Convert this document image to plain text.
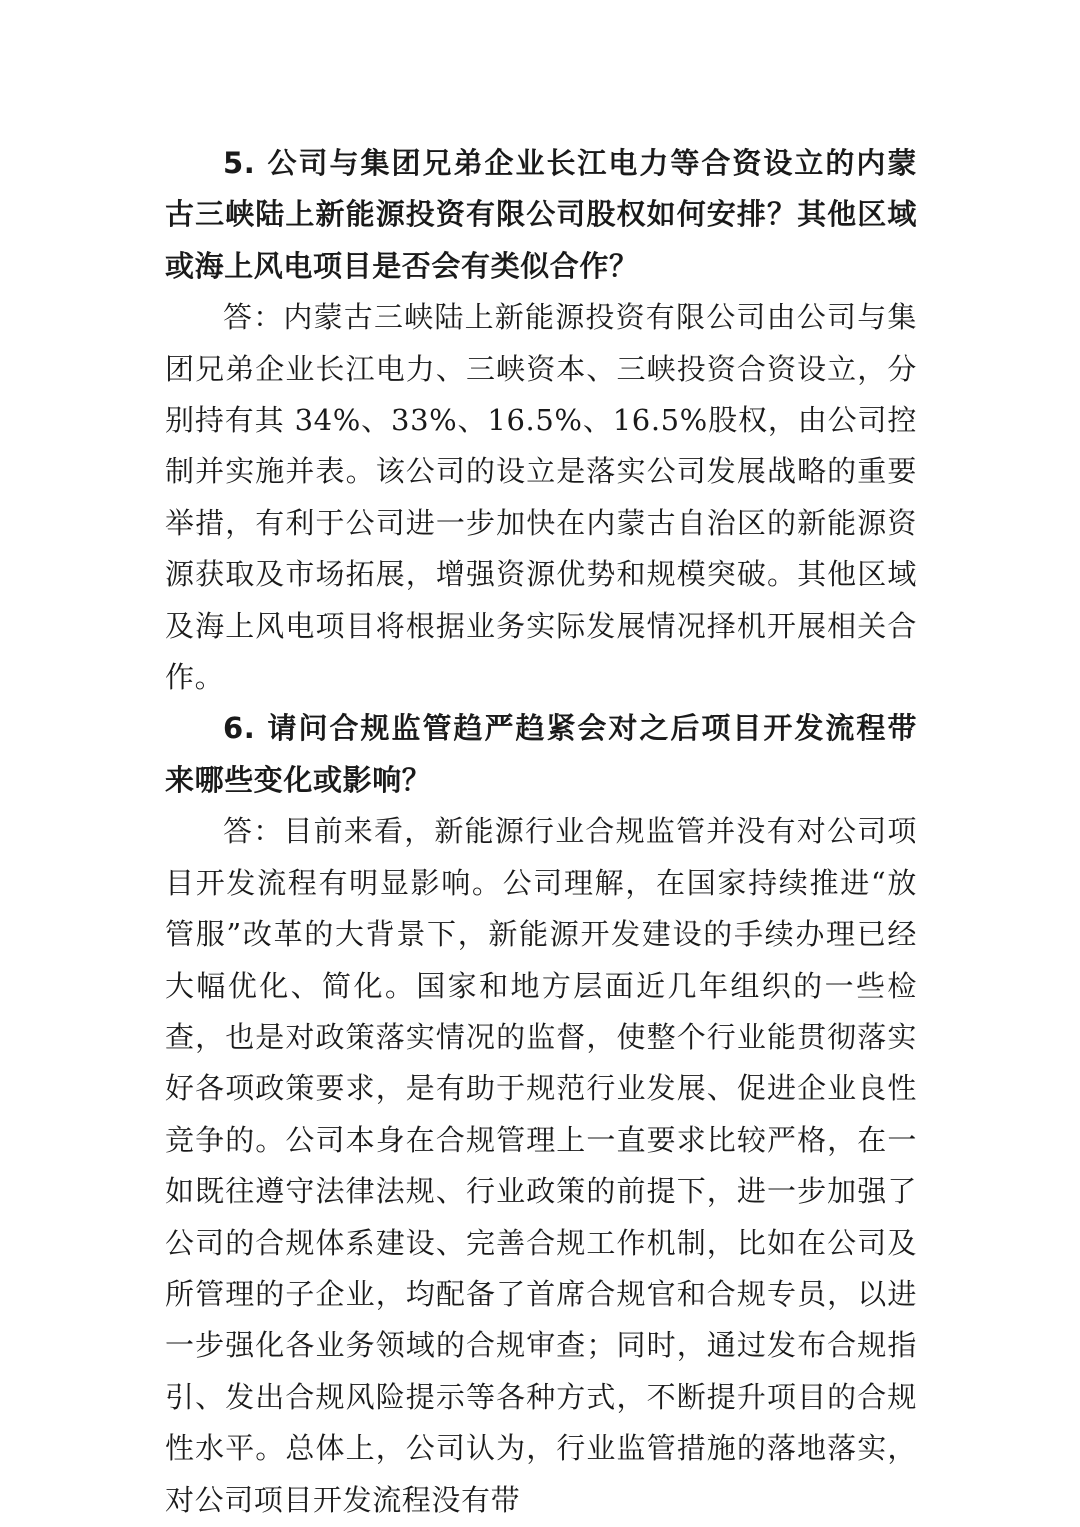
5. 公司与集团兄弟企业长江电力等合资设立的内蒙古三峡陆上新能源投资有限公司股权如何安排？其他区域或海上风电项目是否会有类似合作？

答：内蒙古三峡陆上新能源投资有限公司由公司与集团兄弟企业长江电力、三峡资本、三峡投资合资设立，分别持有其 34%、33%、16.5%、16.5%股权，由公司控制并实施并表。该公司的设立是落实公司发展战略的重要举措，有利于公司进一步加快在内蒙古自治区的新能源资源获取及市场拓展，增强资源优势和规模突破。其他区域及海上风电项目将根据业务实际发展情况择机开展相关合作。

6. 请问合规监管趋严趋紧会对之后项目开发流程带来哪些变化或影响？

答：目前来看，新能源行业合规监管并没有对公司项目开发流程有明显影响。公司理解，在国家持续推进“放管服”改革的大背景下，新能源开发建设的手续办理已经大幅优化、简化。国家和地方层面近几年组织的一些检查，也是对政策落实情况的监督，使整个行业能贯彻落实好各项政策要求，是有助于规范行业发展、促进企业良性竞争的。公司本身在合规管理上一直要求比较严格，在一如既往遵守法律法规、行业政策的前提下，进一步加强了公司的合规体系建设、完善合规工作机制，比如在公司及所管理的子企业，均配备了首席合规官和合规专员，以进一步强化各业务领域的合规审查；同时，通过发布合规指引、发出合规风险提示等各种方式，不断提升项目的合规性水平。总体上，公司认为，行业监管措施的落地落实，对公司项目开发流程没有带
